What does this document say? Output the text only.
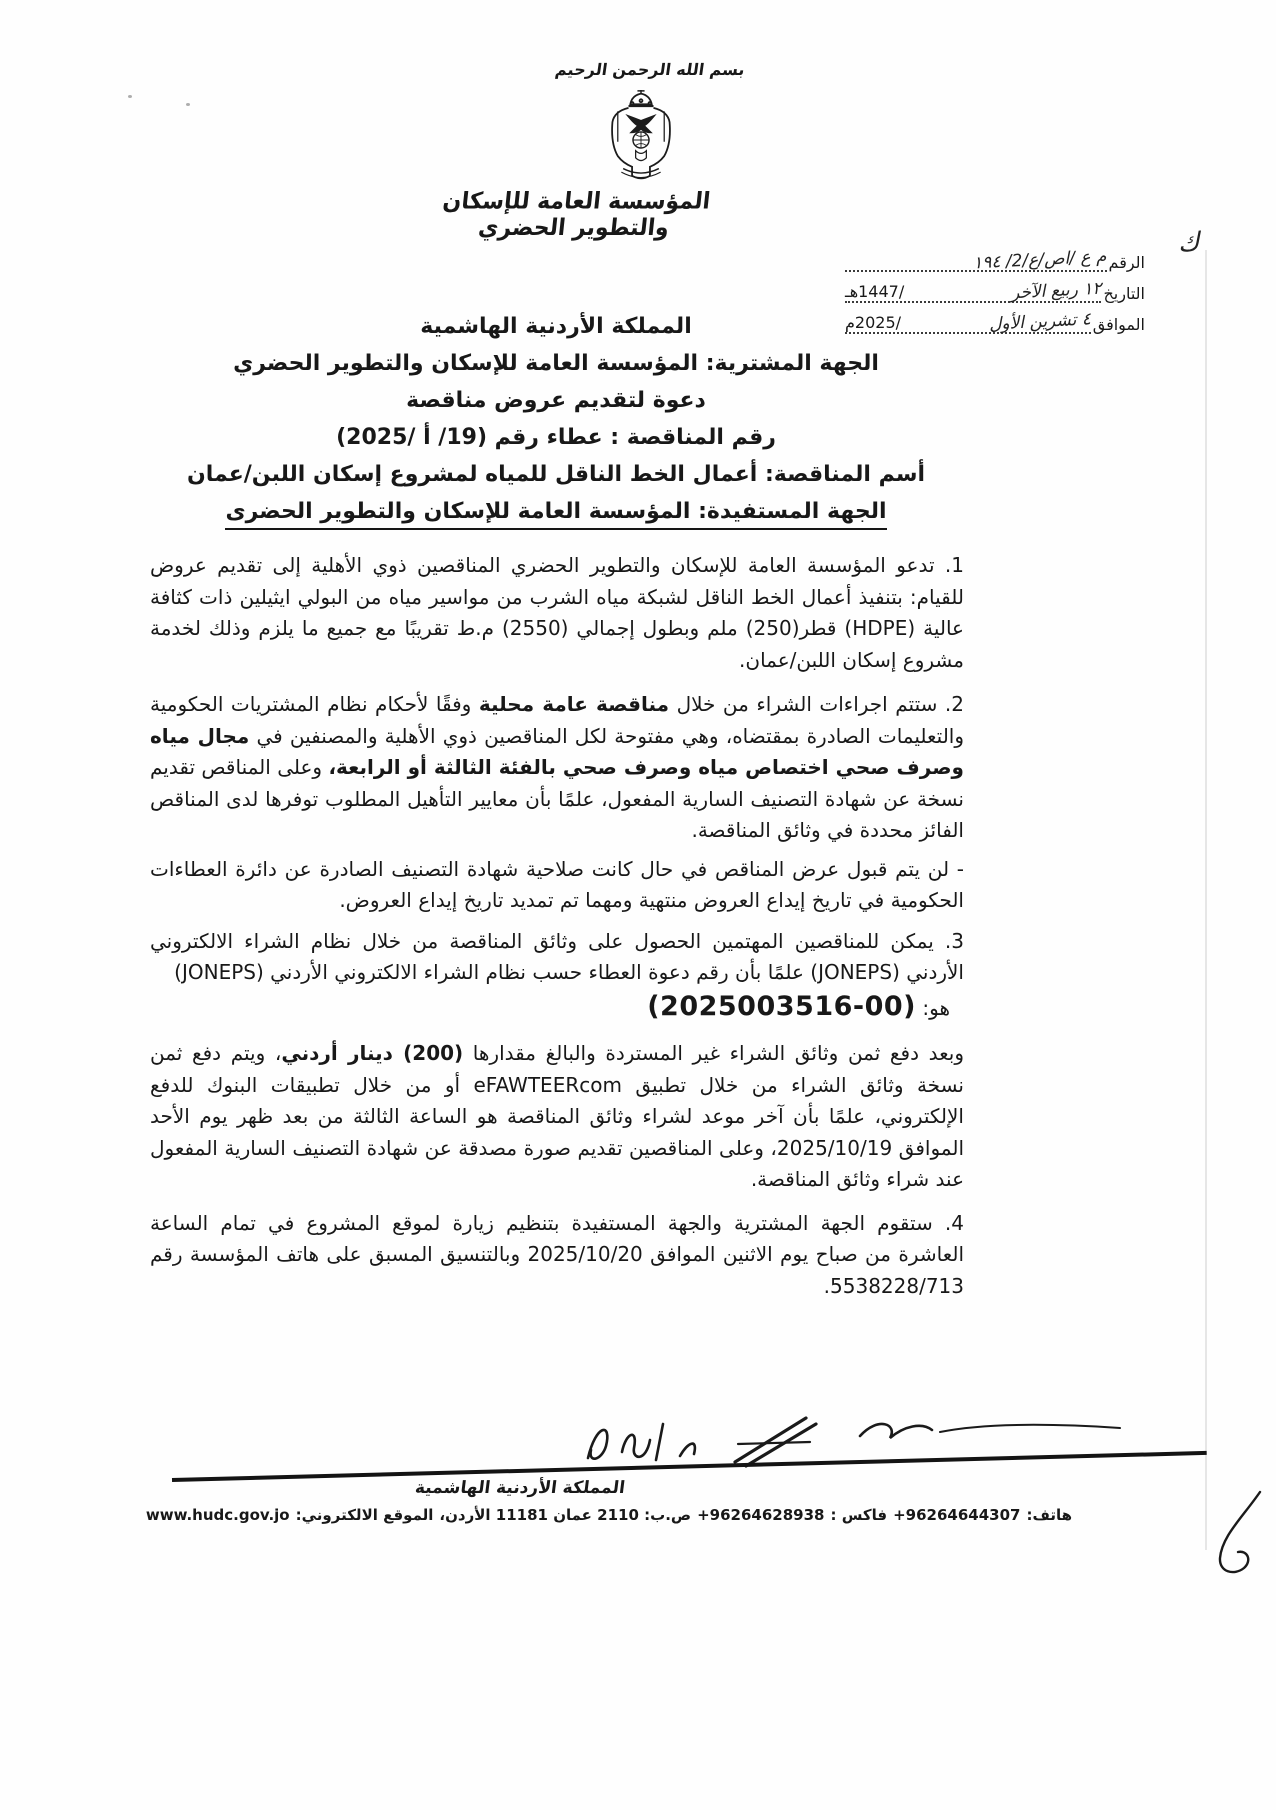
بسم الله الرحمن الرحيم
المؤسسة العامة للإسكان والتطوير الحضري
الرقم
م ع /اص/ع/2/ ١٩٤
التاريخ
١٢ ربيع الآخر
/1447هـ
الموافق
٤ تشرين الأول
/2025م
ك
المملكة الأردنية الهاشمية
الجهة المشترية: المؤسسة العامة للإسكان والتطوير الحضري
دعوة لتقديم عروض مناقصة
رقم المناقصة : عطاء رقم (19/ أ /2025)
أسم المناقصة: أعمال الخط الناقل للمياه لمشروع إسكان اللبن/عمان
الجهة المستفيدة: المؤسسة العامة للإسكان والتطوير الحضرى

1. تدعو المؤسسة العامة للإسكان والتطوير الحضري المناقصين ذوي الأهلية إلى تقديم عروض للقيام: بتنفيذ أعمال الخط الناقل لشبكة مياه الشرب من مواسير مياه من البولي ايثيلين ذات كثافة عالية (HDPE) قطر(250) ملم وبطول إجمالي (2550) م.ط تقريبًا مع جميع ما يلزم وذلك لخدمة مشروع إسكان اللبن/عمان.

2. ستتم اجراءات الشراء من خلال مناقصة عامة محلية وفقًا لأحكام نظام المشتريات الحكومية والتعليمات الصادرة بمقتضاه، وهي مفتوحة لكل المناقصين ذوي الأهلية والمصنفين في مجال مياه وصرف صحي اختصاص مياه وصرف صحي بالفئة الثالثة أو الرابعة، وعلى المناقص تقديم نسخة عن شهادة التصنيف السارية المفعول، علمًا بأن معايير التأهيل المطلوب توفرها لدى المناقص الفائز محددة في وثائق المناقصة.

- لن يتم قبول عرض المناقص في حال كانت صلاحية شهادة التصنيف الصادرة عن دائرة العطاءات الحكومية في تاريخ إيداع العروض منتهية ومهما تم تمديد تاريخ إيداع العروض.

3. يمكن للمناقصين المهتمين الحصول على وثائق المناقصة من خلال نظام الشراء الالكتروني الأردني (JONEPS) علمًا بأن رقم دعوة العطاء حسب نظام الشراء الالكتروني الأردني (JONEPS)

هو: (2025003516-00)

وبعد دفع ثمن وثائق الشراء غير المستردة والبالغ مقدارها (200) دينار أردني، ويتم دفع ثمن نسخة وثائق الشراء من خلال تطبيق eFAWTEERcom أو من خلال تطبيقات البنوك للدفع الإلكتروني، علمًا بأن آخر موعد لشراء وثائق المناقصة هو الساعة الثالثة من بعد ظهر يوم الأحد الموافق 2025/10/19، وعلى المناقصين تقديم صورة مصدقة عن شهادة التصنيف السارية المفعول عند شراء وثائق المناقصة.

4. ستقوم الجهة المشترية والجهة المستفيدة بتنظيم زيارة لموقع المشروع في تمام الساعة العاشرة من صباح يوم الاثنين الموافق 2025/10/20 وبالتنسيق المسبق على هاتف المؤسسة رقم 5538228/713.

المملكة الأردنية الهاشمية
هاتف:+96264644307فاكس :+96264628938ص.ب: 2110 عمان 11181 الأردن،الموقع الالكتروني:www.hudc.gov.jo
